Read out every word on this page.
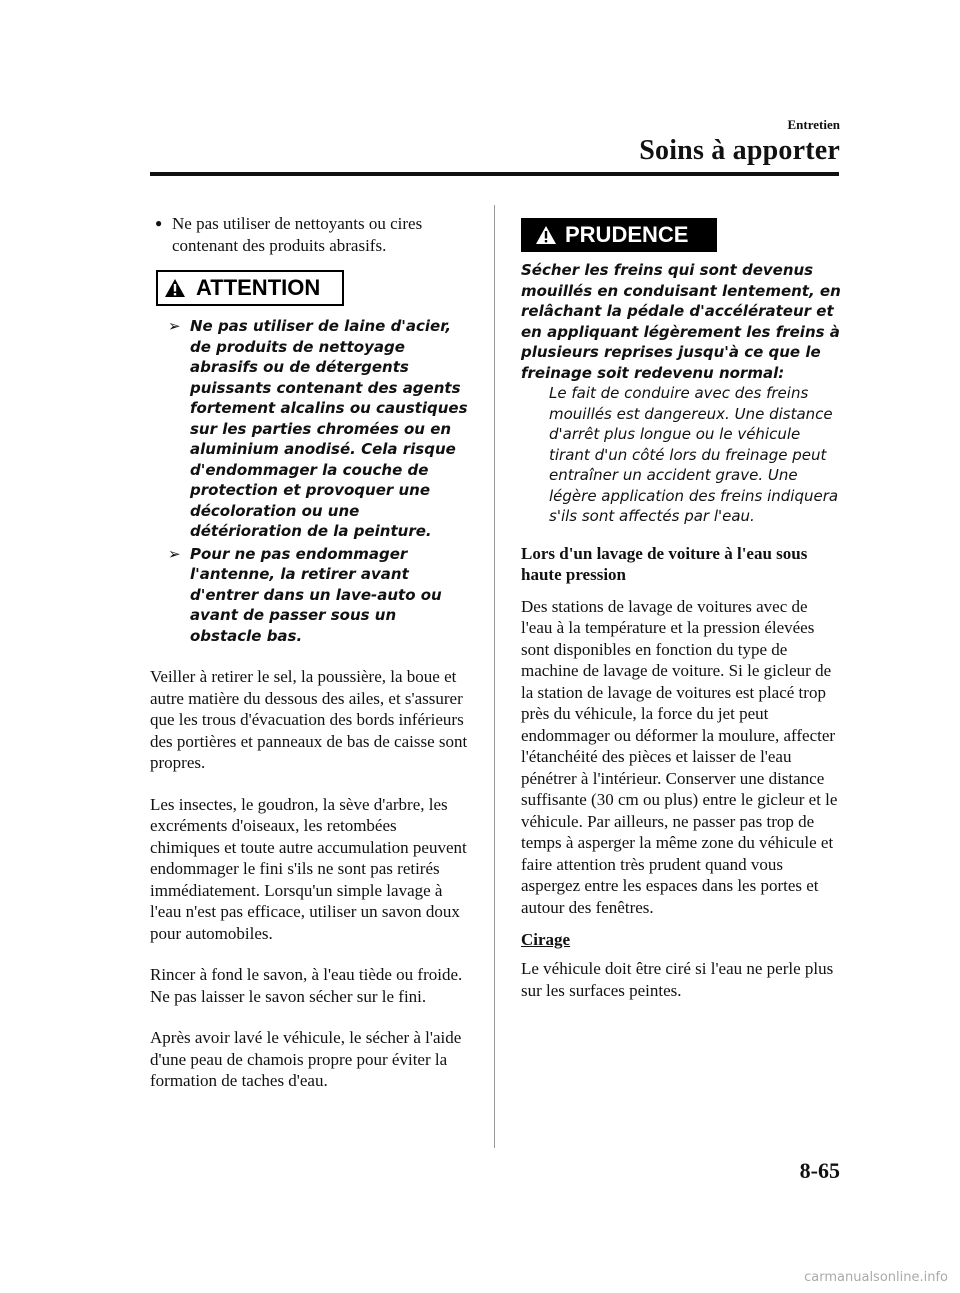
Entretien
Soins à apporter
● Ne pas utiliser de nettoyants ou cires contenant des produits abrasifs.
ATTENTION
➢ Ne pas utiliser de laine d'acier, de produits de nettoyage abrasifs ou de détergents puissants contenant des agents fortement alcalins ou caustiques sur les parties chromées ou en aluminium anodisé. Cela risque d'endommager la couche de protection et provoquer une décoloration ou une détérioration de la peinture.
➢ Pour ne pas endommager l'antenne, la retirer avant d'entrer dans un lave-auto ou avant de passer sous un obstacle bas.

Veiller à retirer le sel, la poussière, la boue et autre matière du dessous des ailes, et s'assurer que les trous d'évacuation des bords inférieurs des portières et panneaux de bas de caisse sont propres.

Les insectes, le goudron, la sève d'arbre, les excréments d'oiseaux, les retombées chimiques et toute autre accumulation peuvent endommager le fini s'ils ne sont pas retirés immédiatement. Lorsqu'un simple lavage à l'eau n'est pas efficace, utiliser un savon doux pour automobiles.

Rincer à fond le savon, à l'eau tiède ou froide. Ne pas laisser le savon sécher sur le fini.

Après avoir lavé le véhicule, le sécher à l'aide d'une peau de chamois propre pour éviter la formation de taches d'eau.

PRUDENCE
Sécher les freins qui sont devenus mouillés en conduisant lentement, en relâchant la pédale d'accélérateur et en appliquant légèrement les freins à plusieurs reprises jusqu'à ce que le freinage soit redevenu normal:
Le fait de conduire avec des freins mouillés est dangereux. Une distance d'arrêt plus longue ou le véhicule tirant d'un côté lors du freinage peut entraîner un accident grave. Une légère application des freins indiquera s'ils sont affectés par l'eau.

Lors d'un lavage de voiture à l'eau sous haute pression

Des stations de lavage de voitures avec de l'eau à la température et la pression élevées sont disponibles en fonction du type de machine de lavage de voiture. Si le gicleur de la station de lavage de voitures est placé trop près du véhicule, la force du jet peut endommager ou déformer la moulure, affecter l'étanchéité des pièces et laisser de l'eau pénétrer à l'intérieur. Conserver une distance suffisante (30 cm ou plus) entre le gicleur et le véhicule. Par ailleurs, ne passer pas trop de temps à asperger la même zone du véhicule et faire attention très prudent quand vous aspergez entre les espaces dans les portes et autour des fenêtres.

Cirage

Le véhicule doit être ciré si l'eau ne perle plus sur les surfaces peintes.

8-65
carmanualsonline.info
